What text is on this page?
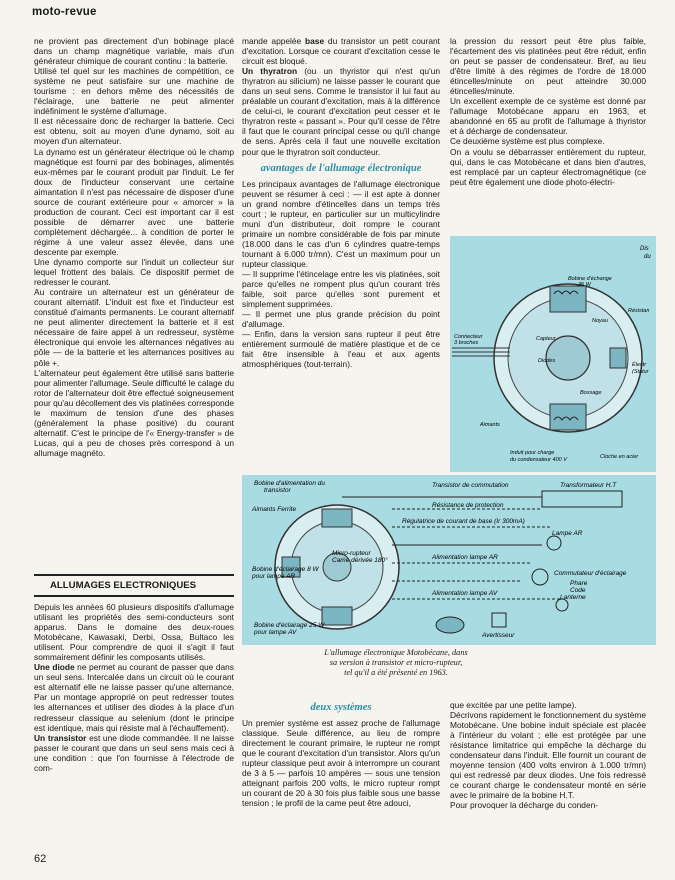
moto-revue

ne provient pas directement d'un bobinage placé dans un champ magnétique variable, mais d'un générateur chimique de courant continu : la batterie.

Utilisé tel quel sur les machines de compétition, ce système ne peut satisfaire sur une machine de tourisme : en dehors même des nécessités de l'éclairage, une batterie ne peut alimenter indéfiniment le système d'allumage.

Il est nécessaire donc de recharger la batterie. Ceci est obtenu, soit au moyen d'une dynamo, soit au moyen d'un alternateur.

La dynamo est un générateur électrique où le champ magnétique est fourni par des bobinages, alimentés eux-mêmes par le courant produit par l'induit. Le fer doux de l'inducteur conservant une certaine aimantation il n'est pas nécessaire de disposer d'une source de courant extérieure pour « amorcer » la production de courant. Ceci est important car il est possible de démarrer avec une batterie complètement déchargée... à condition de porter le régime à une valeur assez élevée, dans une descente par exemple.

Une dynamo comporte sur l'induit un collecteur sur lequel frottent des balais. Ce dispositif permet de redresser le courant.

Au contraire un alternateur est un générateur de courant alternatif. L'induit est fixe et l'inducteur est constitué d'aimants permanents. Le courant alternatif ne peut alimenter directement la batterie et il est nécessaire de faire appel à un redresseur, système électronique qui envoie les alternances négatives au pôle — de la batterie et les alternances positives au pôle +.

L'alternateur peut également être utilisé sans batterie pour alimenter l'allumage. Seule difficulté le calage du rotor de l'alternateur doit être effectué soigneusement pour qu'au décollement des vis platinées corresponde le maximum de tension d'une des phases (généralement la phase positive) du courant alternatif. C'est le principe de l'« Energy-transfer » de Lucas, qui a peu de choses près correspond à un allumage magnéto.

ALLUMAGES ELECTRONIQUES

Depuis les années 60 plusieurs dispositifs d'allumage utilisant les propriétés des semi-conducteurs sont apparus. Dans le domaine des deux-roues Motobécane, Kawasaki, Derbi, Ossa, Bultaco les utilisent. Pour comprendre de quoi il s'agit il faut sommairement définir les composants utilisés.

Une diode ne permet au courant de passer que dans un seul sens. Intercalée dans un circuit où le courant est alternatif elle ne laisse passer qu'une alternance. Par un montage approprié on peut redresser toutes les alternances et utiliser des diodes à la place d'un redresseur classique au selenium (dont le principe est identique, mais qui résiste mal à l'échauffement).

Un transistor est une diode commandée. Il ne laisse passer le courant que dans un seul sens mais ceci à une condition : que l'on fournisse à l'électrode de com-

mande appelée base du transistor un petit courant d'excitation. Lorsque ce courant d'excitation cesse le circuit est bloqué.

Un thyratron (ou un thyristor qui n'est qu'un thyratron au silicium) ne laisse passer le courant que dans un seul sens. Comme le transistor il lui faut au préalable un courant d'excitation, mais à la différence de celui-ci, le courant d'excitation peut cesser et le thyratron reste « passant ». Pour qu'il cesse de l'être il faut que le courant principal cesse ou qu'il change de sens. Après cela il faut une nouvelle excitation pour que le thyratron soit conducteur.

avantages de l'allumage électronique

Les principaux avantages de l'allumage électronique peuvent se résumer à ceci : — il est apte à donner un grand nombre d'étincelles dans un temps très court ; le rupteur, en particulier sur un multicylindre muni d'un distributeur, doit rompre le courant primaire un nombre considérable de fois par minute (18.000 dans le cas d'un 6 cylindres quatre-temps tournant à 6.000 tr/mn). C'est un maximum pour un rupteur classique.

— Il supprime l'étincelage entre les vis platinées, soit parce qu'elles ne rompent plus qu'un courant très faible, soit parce qu'elles sont purement et simplement supprimées.

— Il permet une plus grande précision du point d'allumage.

— Enfin, dans la version sans rupteur il peut être entièrement surmoulé de matière plastique et de ce fait être insensible à l'eau et aux agents atmosphériques (tout-terrain).

la pression du ressort peut être plus faible, l'écartement des vis platinées peut être réduit, enfin on peut se passer de condensateur. Bref, au lieu d'être limité à des régimes de l'ordre de 18.000 étincelles/minute on peut atteindre 30.000 étincelles/minute.

Un excellent exemple de ce système est donné par l'allumage Motobécane apparu en 1963, et abandonné en 65 au profit de l'allumage à thyristor et à décharge de condensateur.

Ce deuxième système est plus complexe.

On a voulu se débarrasser entièrement du rupteur, qui, dans le cas Motobécane et dans bien d'autres, est remplacé par un capteur électromagnétique (ce peut être également une diode photo-électri-

Dis
du
Connecteur
3 broches
Bobine d'échange
35 W
Noyau
Capteur
Diodes
Bossage
Résistan
Électr
(Statur
Aimants
Induit pour charge
du condensateur 400 V	Cloche en acier
Bobine d'alimentation du
transistor
Transistor de commutation	Transformateur H.T
Aimants Ferrite
Résistance de protection
Régulatrice de courant de base (Ir 300mA)
Micro-rupteur
Came dérivée 180°
Lampe AR
Bobine d'éclairage 8 W
pour lampe AR
Alimentation lampe AR
Commutateur d'éclairage
Phare
Code
Lanterne
Alimentation lampe AV
Bobine d'éclairage 25 W
pour lampe AV	Avertisseur
L'allumage électronique Motobécane, dans
sa version à transistor et micro-rupteur,
tel qu'il a été présenté en 1963.
deux systèmes

Un premier système est assez proche de l'allumage classique. Seule différence, au lieu de rompre directement le courant primaire, le rupteur ne rompt que le courant d'excitation d'un transistor. Alors qu'un rupteur classique peut avoir à interrompre un courant de 3 à 5 — parfois 10 ampères — sous une tension atteignant parfois 200 volts, le micro rupteur rompt un courant de 20 à 30 fois plus faible sous une basse tension ; le profil de la came peut être adouci,

que excitée par une petite lampe).

Décrivons rapidement le fonctionnement du système Motobécane. Une bobine induit spéciale est placée à l'intérieur du volant ; elle est protégée par une résistance limitatrice qui empêche la décharge du condensateur dans l'induit. Elle fournit un courant de moyenne tension (400 volts environ à 1.000 tr/mn) qui est redressé par deux diodes. Une fois redressé ce courant charge le condensateur monté en série avec le primaire de la bobine H.T.

Pour provoquer la décharge du conden-

62
